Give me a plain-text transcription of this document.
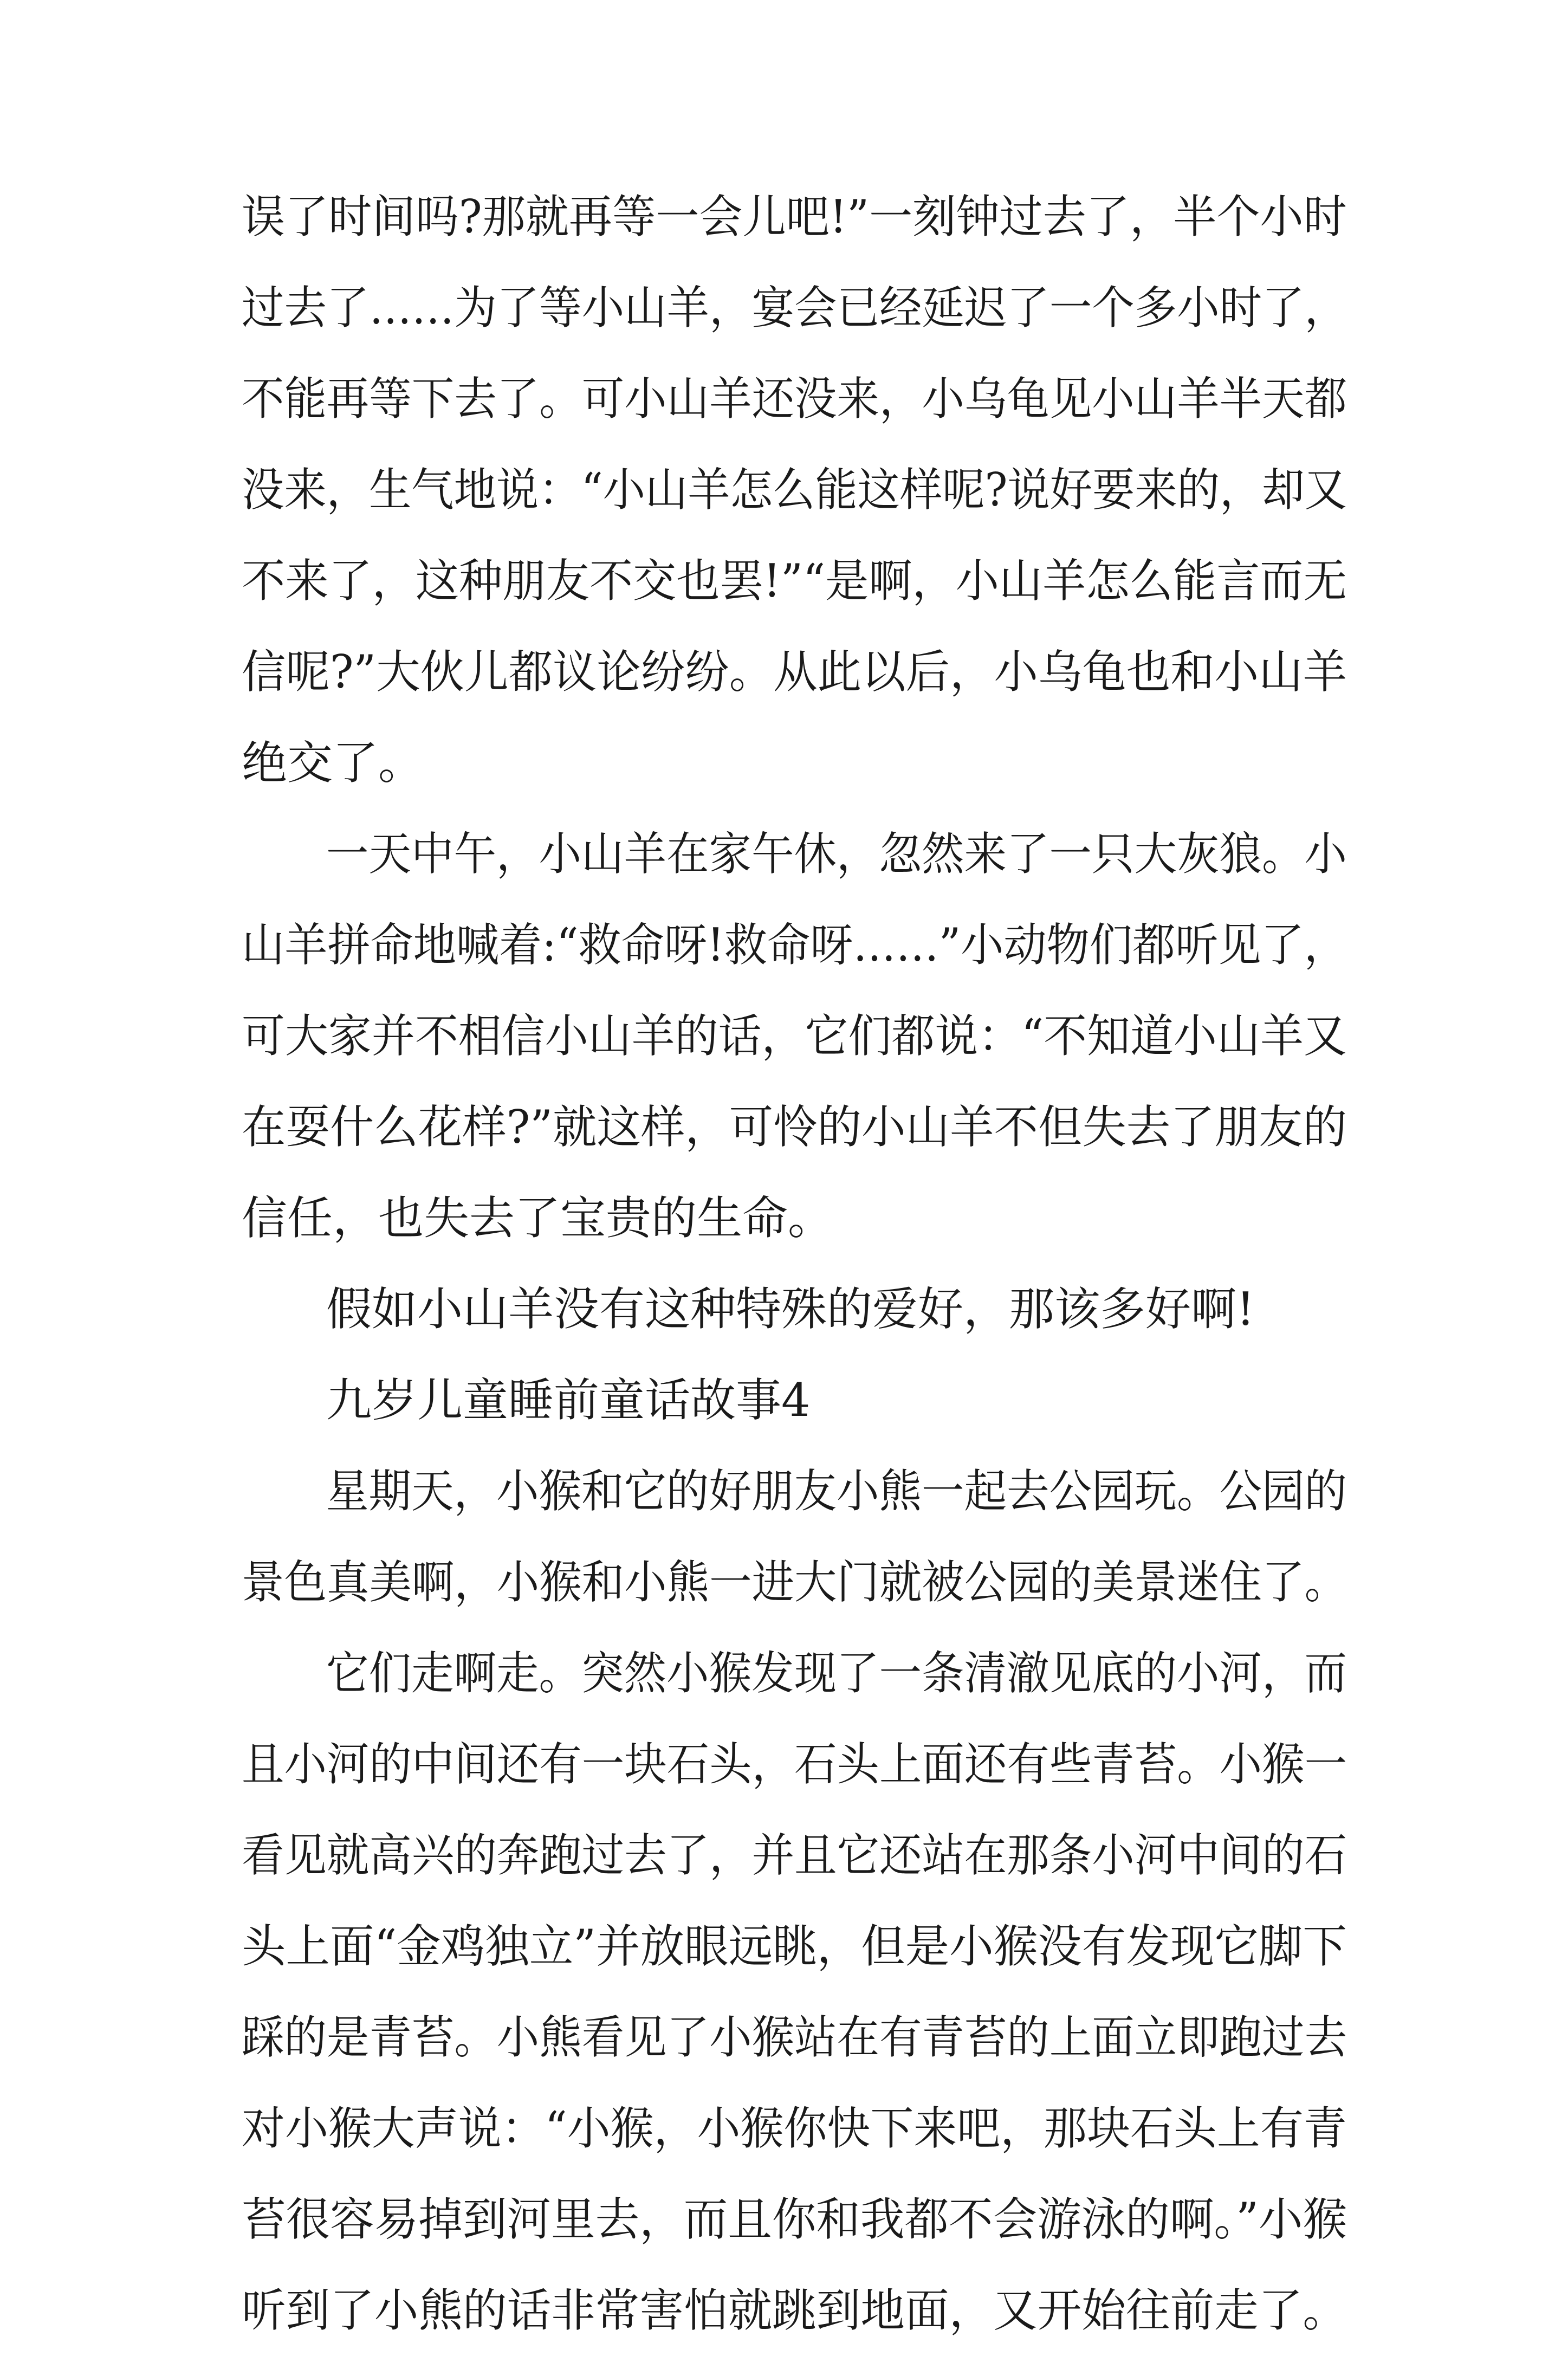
误了时间吗?那就再等一会儿吧!”一刻钟过去了，半个小时
过去了……为了等小山羊，宴会已经延迟了一个多小时了，
不能再等下去了。可小山羊还没来，小乌龟见小山羊半天都
没来，生气地说：“小山羊怎么能这样呢?说好要来的，却又
不来了，这种朋友不交也罢!”“是啊，小山羊怎么能言而无
信呢?”大伙儿都议论纷纷。从此以后，小乌龟也和小山羊
绝交了。
一天中午，小山羊在家午休，忽然来了一只大灰狼。小
山羊拼命地喊着:“救命呀!救命呀……”小动物们都听见了，
可大家并不相信小山羊的话，它们都说：“不知道小山羊又
在耍什么花样?”就这样，可怜的小山羊不但失去了朋友的
信任，也失去了宝贵的生命。
假如小山羊没有这种特殊的爱好，那该多好啊!
九岁儿童睡前童话故事4
星期天，小猴和它的好朋友小熊一起去公园玩。公园的
景色真美啊，小猴和小熊一进大门就被公园的美景迷住了。
它们走啊走。突然小猴发现了一条清澈见底的小河，而
且小河的中间还有一块石头，石头上面还有些青苔。小猴一
看见就高兴的奔跑过去了，并且它还站在那条小河中间的石
头上面“金鸡独立”并放眼远眺，但是小猴没有发现它脚下
踩的是青苔。小熊看见了小猴站在有青苔的上面立即跑过去
对小猴大声说：“小猴，小猴你快下来吧，那块石头上有青
苔很容易掉到河里去，而且你和我都不会游泳的啊。”小猴
听到了小熊的话非常害怕就跳到地面，又开始往前走了。
